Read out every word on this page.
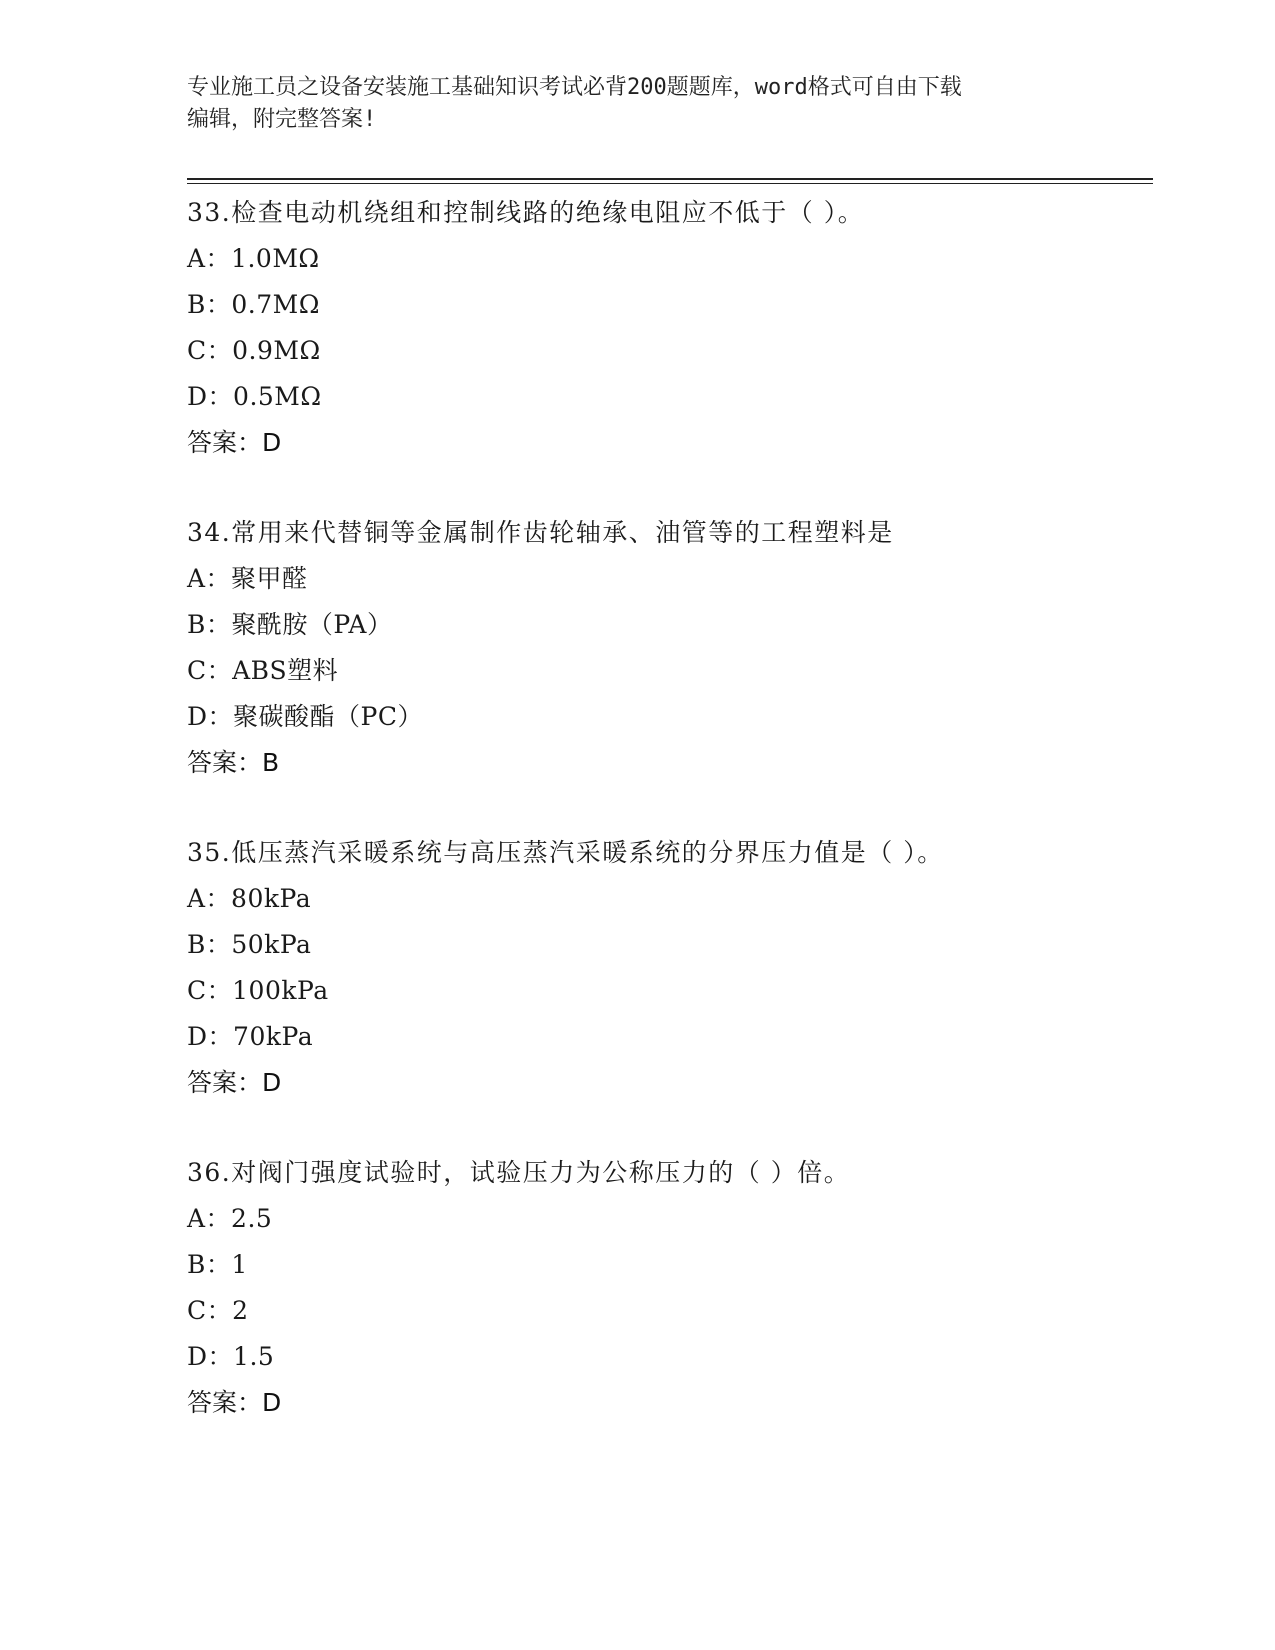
专业施工员之设备安装施工基础知识考试必背200题题库，word格式可自由下载
编辑，附完整答案!
33.检查电动机绕组和控制线路的绝缘电阻应不低于（ ）。
A：1.0MΩ
B：0.7MΩ
C：0.9MΩ
D：0.5MΩ
答案：D
34.常用来代替铜等金属制作齿轮轴承、油管等的工程塑料是
A：聚甲醛
B：聚酰胺（PA）
C：ABS塑料
D：聚碳酸酯（PC）
答案：B
35.低压蒸汽采暖系统与高压蒸汽采暖系统的分界压力值是（ ）。
A：80kPa
B：50kPa
C：100kPa
D：70kPa
答案：D
36.对阀门强度试验时，试验压力为公称压力的（ ）倍。
A：2.5
B：1
C：2
D：1.5
答案：D
